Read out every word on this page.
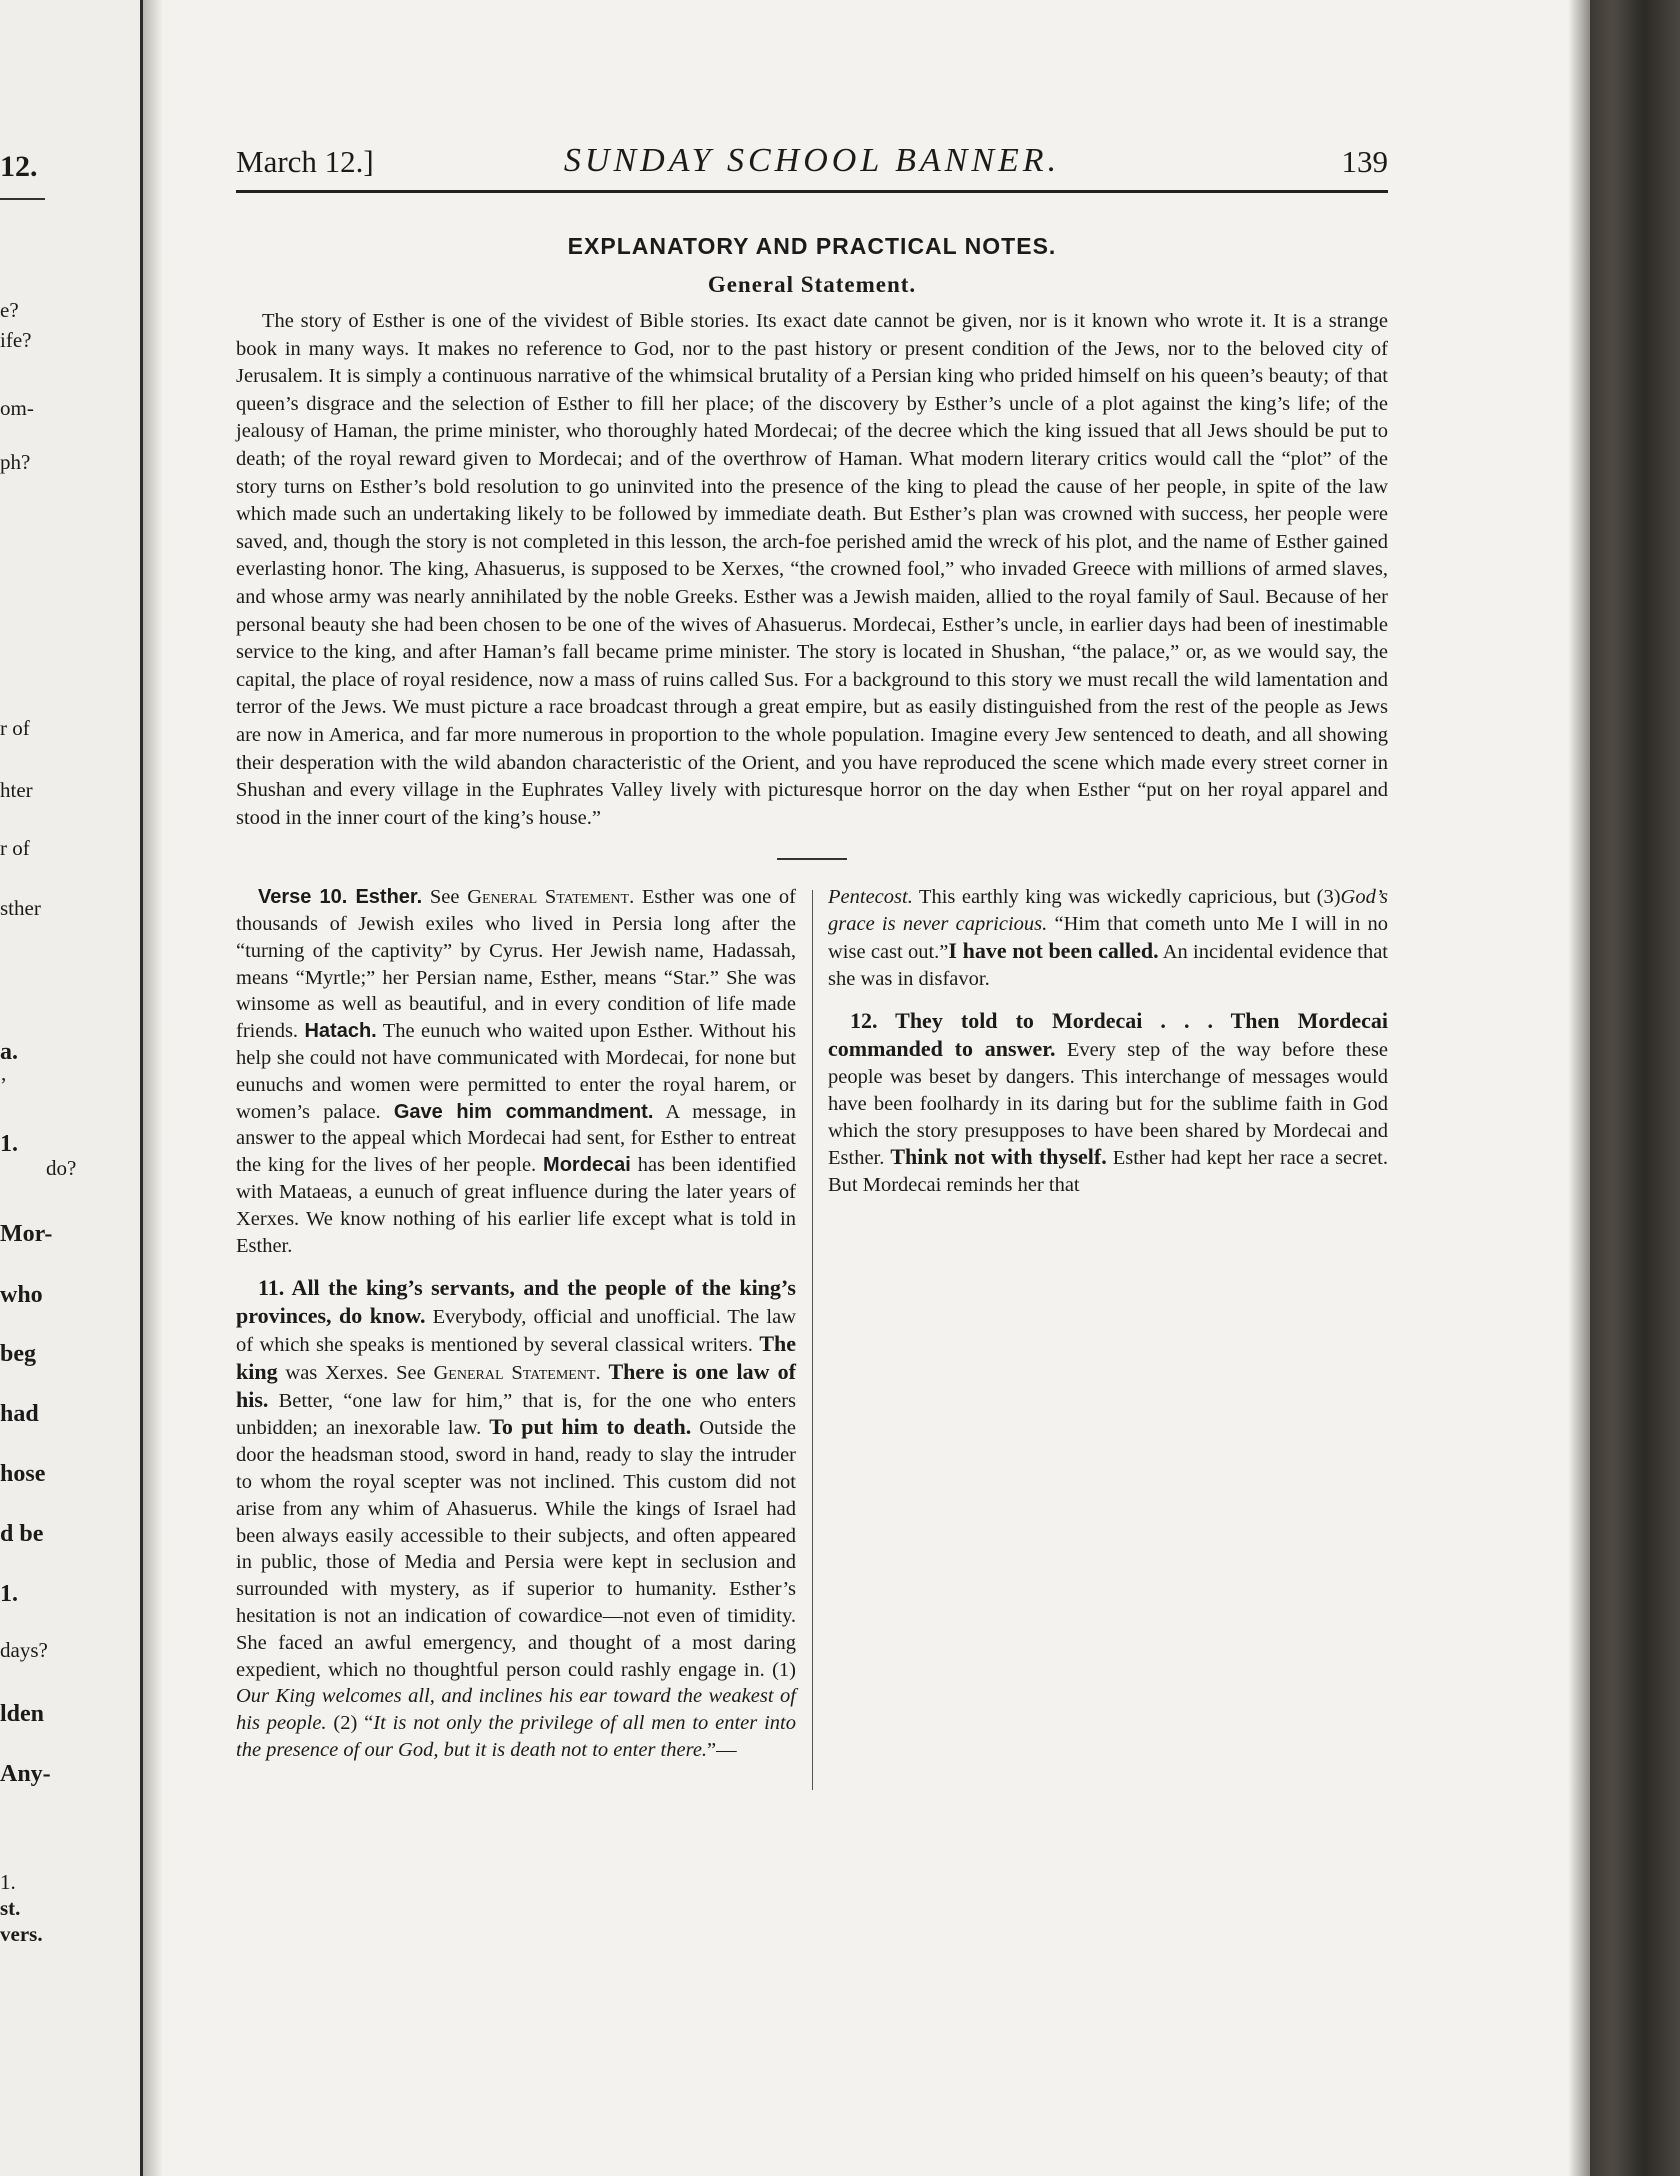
12.
e?
ife?
om-
ph?
r of
hter
r of
sther
a.
’
1.
do?
Mor-
who
beg
had
hose
d be
1.
days?
lden
Any-
1.
st.
vers.
March 12.]	SUNDAY SCHOOL BANNER.	139
EXPLANATORY AND PRACTICAL NOTES.
General Statement.

The story of Esther is one of the vividest of Bible stories. Its exact date cannot be given, nor is it known who wrote it. It is a strange book in many ways. It makes no reference to God, nor to the past history or present condition of the Jews, nor to the beloved city of Jerusalem. It is simply a continuous narrative of the whimsical brutality of a Persian king who prided himself on his queen’s beauty; of that queen’s disgrace and the selection of Esther to fill her place; of the discovery by Esther’s uncle of a plot against the king’s life; of the jealousy of Haman, the prime minister, who thoroughly hated Mordecai; of the decree which the king issued that all Jews should be put to death; of the royal reward given to Mordecai; and of the overthrow of Haman. What modern literary critics would call the “plot” of the story turns on Esther’s bold resolution to go uninvited into the presence of the king to plead the cause of her people, in spite of the law which made such an undertaking likely to be followed by immediate death. But Esther’s plan was crowned with success, her people were saved, and, though the story is not completed in this lesson, the arch-foe perished amid the wreck of his plot, and the name of Esther gained everlasting honor. The king, Ahasuerus, is supposed to be Xerxes, “the crowned fool,” who invaded Greece with millions of armed slaves, and whose army was nearly annihilated by the noble Greeks. Esther was a Jewish maiden, allied to the royal family of Saul. Because of her personal beauty she had been chosen to be one of the wives of Ahasuerus. Mordecai, Esther’s uncle, in earlier days had been of inestimable service to the king, and after Haman’s fall became prime minister. The story is located in Shushan, “the palace,” or, as we would say, the capital, the place of royal residence, now a mass of ruins called Sus. For a background to this story we must recall the wild lamentation and terror of the Jews. We must picture a race broadcast through a great empire, but as easily distinguished from the rest of the people as Jews are now in America, and far more numerous in proportion to the whole population. Imagine every Jew sentenced to death, and all showing their desperation with the wild abandon characteristic of the Orient, and you have reproduced the scene which made every street corner in Shushan and every village in the Euphrates Valley lively with picturesque horror on the day when Esther “put on her royal apparel and stood in the inner court of the king’s house.”

Verse 10. Esther. See General Statement. Esther was one of thousands of Jewish exiles who lived in Persia long after the “turning of the captivity” by Cyrus. Her Jewish name, Hadassah, means “Myrtle;” her Persian name, Esther, means “Star.” She was winsome as well as beautiful, and in every condition of life made friends. Hatach. The eunuch who waited upon Esther. Without his help she could not have communicated with Mordecai, for none but eunuchs and women were permitted to enter the royal harem, or women’s palace. Gave him commandment. A message, in answer to the appeal which Mordecai had sent, for Esther to entreat the king for the lives of her people. Mordecai has been identified with Mataeas, a eunuch of great influence during the later years of Xerxes. We know nothing of his earlier life except what is told in Esther.

11. All the king’s servants, and the people of the king’s provinces, do know. Everybody, official and unofficial. The law of which she speaks is mentioned by several classical writers. The king was Xerxes. See General Statement. There is one law of his. Better, “one law for him,” that is, for the one who enters unbidden; an inexorable law. To put him to death. Outside the door the headsman stood, sword in hand, ready to slay the intruder to whom the royal scepter was not inclined. This custom did not arise from any whim of Ahasuerus. While the kings of Israel had been always easily accessible to their subjects, and often appeared in public, those of Media and Persia were kept in seclusion and surrounded with mystery, as if superior to humanity. Esther’s hesitation is not an indication of cowardice—not even of timidity. She faced an awful emergency, and thought of a most daring expedient, which no thoughtful person could rashly engage in. (1) Our King welcomes all, and inclines his ear toward the weakest of his people. (2) “It is not only the privilege of all men to enter into the presence of our God, but it is death not to enter there.”—

Pentecost. This earthly king was wickedly capricious, but (3)God’s grace is never capricious. “Him that cometh unto Me I will in no wise cast out.”I have not been called. An incidental evidence that she was in disfavor.

12. They told to Mordecai . . . Then Mordecai commanded to answer. Every step of the way before these people was beset by dangers. This interchange of messages would have been foolhardy in its daring but for the sublime faith in God which the story presupposes to have been shared by Mordecai and Esther. Think not with thyself. Esther had kept her race a secret. But Mordecai reminds her that
